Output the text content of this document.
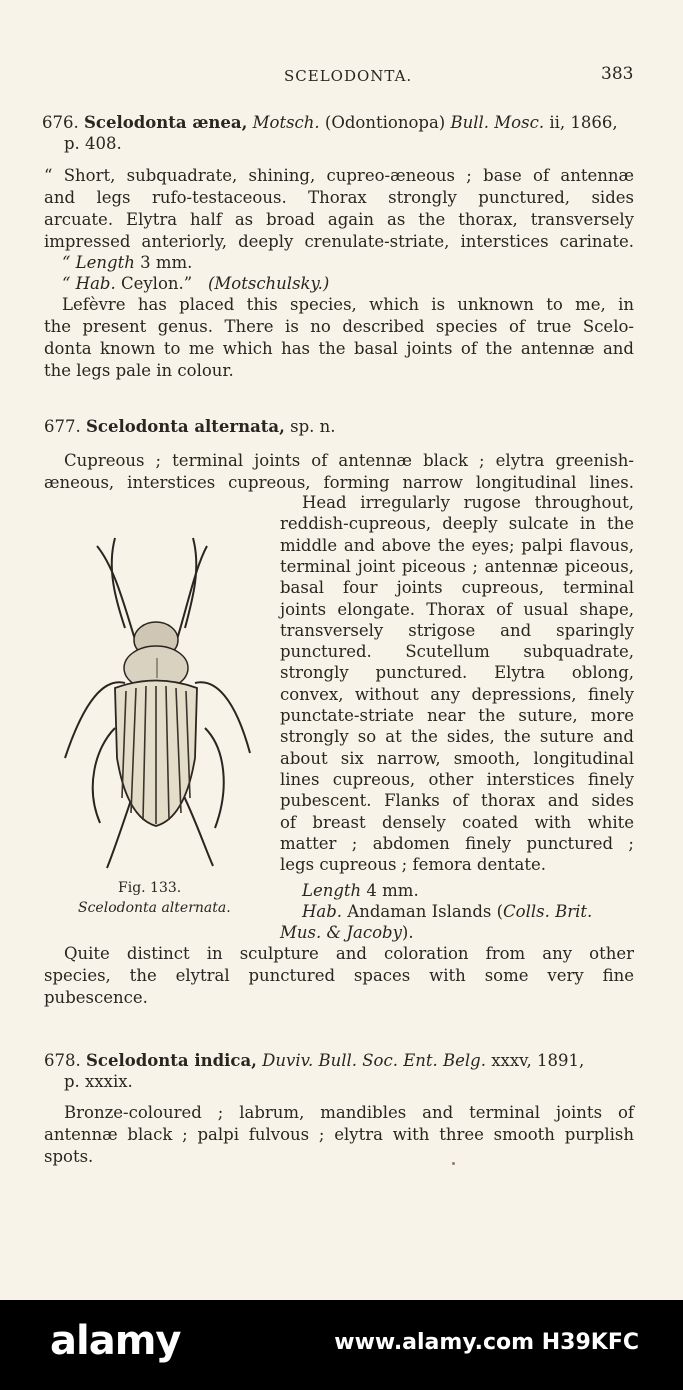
SCELODONTA.	383
676. Scelodonta ænea, Motsch. (Odontionopa) Bull. Mosc. ii, 1866,
p. 408.
“ Short, subquadrate, shining, cupreo-æneous ; base of antennæ
and legs rufo-testaceous. Thorax strongly punctured, sides
arcuate. Elytra half as broad again as the thorax, transversely
impressed anteriorly, deeply crenulate-striate, interstices carinate.
“ Length 3 mm.
“ Hab. Ceylon.” (Motschulsky.)
Lefèvre has placed this species, which is unknown to me, in
the present genus. There is no described species of true Scelo-
donta known to me which has the basal joints of the antennæ and
the legs pale in colour.
677. Scelodonta alternata, sp. n.
Cupreous ; terminal joints of antennæ black ; elytra greenish-
æneous, interstices cupreous, forming narrow longitudinal lines.
Head irregularly rugose throughout,
reddish-cupreous, deeply sulcate in the
middle and above the eyes; palpi flavous,
terminal joint piceous ; antennæ piceous,
basal four joints cupreous, terminal
joints elongate. Thorax of usual shape,
transversely strigose and sparingly
punctured. Scutellum subquadrate,
strongly punctured. Elytra oblong,
convex, without any depressions, finely
punctate-striate near the suture, more
strongly so at the sides, the suture and
about six narrow, smooth, longitudinal
lines cupreous, other interstices finely
pubescent. Flanks of thorax and sides
of breast densely coated with white
matter ; abdomen finely punctured ;
legs cupreous ; femora dentate.
Fig. 133.
Scelodonta alternata.
Length 4 mm.
Hab. Andaman Islands (Colls. Brit.
Mus. & Jacoby).
Quite distinct in sculpture and coloration from any other
species, the elytral punctured spaces with some very fine
pubescence.
678. Scelodonta indica, Duviv. Bull. Soc. Ent. Belg. xxxv, 1891,
p. xxxix.
Bronze-coloured ; labrum, mandibles and terminal joints of
antennæ black ; palpi fulvous ; elytra with three smooth purplish
spots.
alamy	www.alamy.com H39KFC
